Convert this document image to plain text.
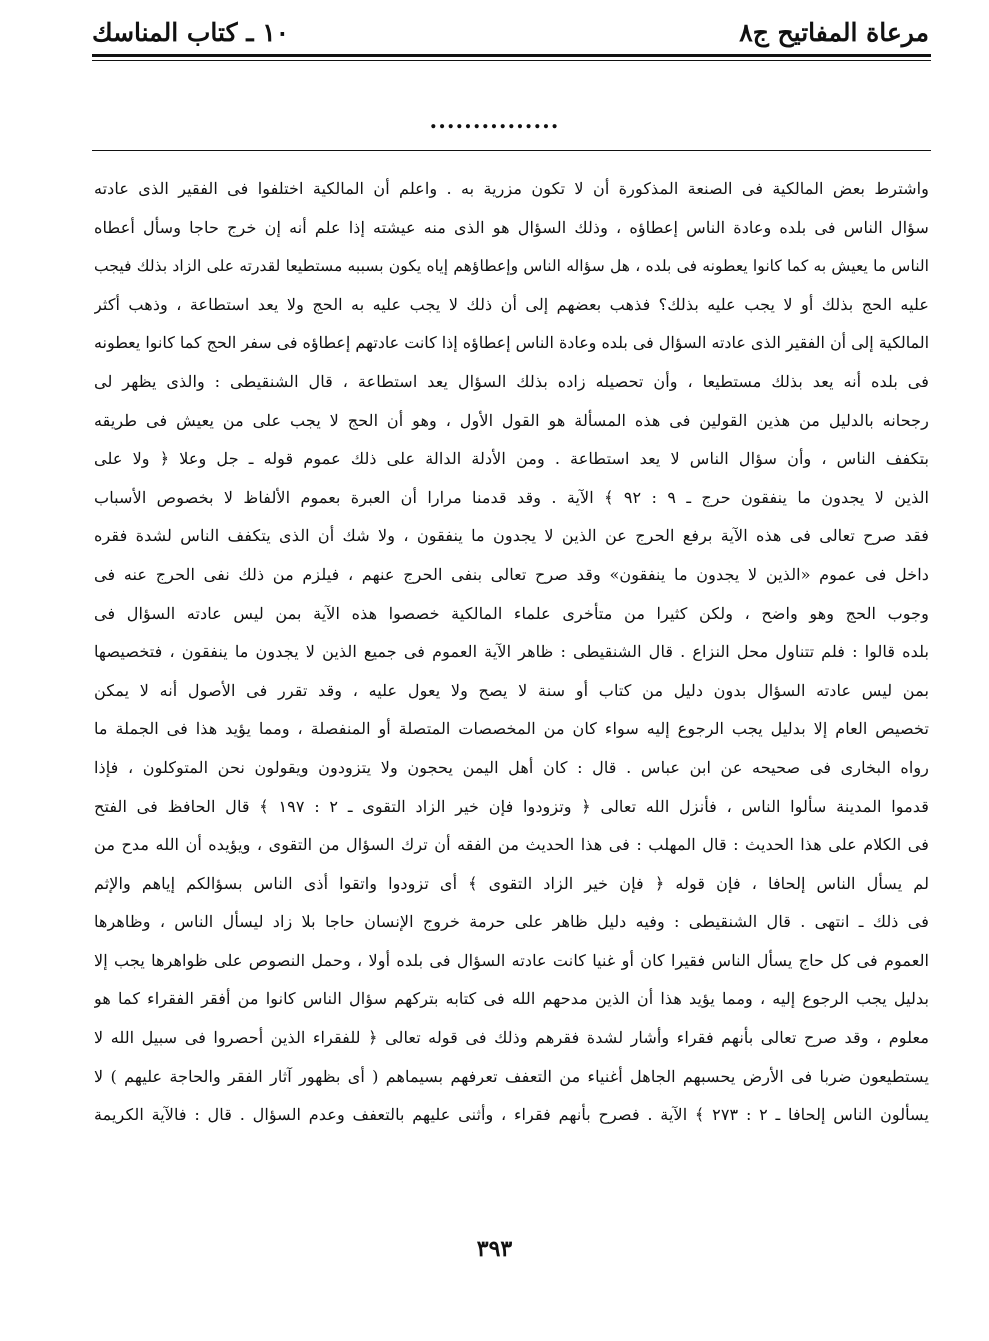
مرعاة المفاتيح ج٨
١٠ ـ كتاب المناسك
...............
واشترط بعض المالكية فى الصنعة المذكورة أن لا تكون مزرية به . واعلم أن المالكية اختلفوا فى الفقير الذى عادته
سؤال الناس فى بلده وعادة الناس إعطاؤه ، وذلك السؤال هو الذى منه عيشته إذا علم أنه إن خرج حاجا وسأل أعطاه
الناس ما يعيش به كما كانوا يعطونه فى بلده ، هل سؤاله الناس وإعطاؤهم إياه يكون بسببه مستطيعا لقدرته على الزاد بذلك فيجب
عليه الحج بذلك أو لا يجب عليه بذلك؟ فذهب بعضهم إلى أن ذلك لا يجب عليه به الحج ولا يعد استطاعة ، وذهب أكثر
المالكية إلى أن الفقير الذى عادته السؤال فى بلده وعادة الناس إعطاؤه إذا كانت عادتهم إعطاؤه فى سفر الحج كما كانوا يعطونه
فى بلده أنه يعد بذلك مستطيعا ، وأن تحصيله زاده بذلك السؤال يعد استطاعة ، قال الشنقيطى : والذى يظهر لى
رجحانه بالدليل من هذين القولين فى هذه المسألة هو القول الأول ، وهو أن الحج لا يجب على من يعيش فى طريقه
بتكفف الناس ، وأن سؤال الناس لا يعد استطاعة . ومن الأدلة الدالة على ذلك عموم قوله ـ جل وعلا ﴿ ولا على
الذين لا يجدون ما ينفقون حرج ـ ٩ : ٩٢ ﴾ الآية . وقد قدمنا مرارا أن العبرة بعموم الألفاظ لا بخصوص الأسباب
فقد صرح تعالى فى هذه الآية برفع الحرج عن الذين لا يجدون ما ينفقون ، ولا شك أن الذى يتكفف الناس لشدة فقره
داخل فى عموم «الذين لا يجدون ما ينفقون» وقد صرح تعالى بنفى الحرج عنهم ، فيلزم من ذلك نفى الحرج عنه فى
وجوب الحج وهو واضح ، ولكن كثيرا من متأخرى علماء المالكية خصصوا هذه الآية بمن ليس عادته السؤال فى
بلده قالوا : فلم تتناول محل النزاع . قال الشنقيطى : ظاهر الآية العموم فى جميع الذين لا يجدون ما ينفقون ، فتخصيصها
بمن ليس عادته السؤال بدون دليل من كتاب أو سنة لا يصح ولا يعول عليه ، وقد تقرر فى الأصول أنه لا يمكن
تخصيص العام إلا بدليل يجب الرجوع إليه سواء كان من المخصصات المتصلة أو المنفصلة ، ومما يؤيد هذا فى الجملة ما
رواه البخارى فى صحيحه عن ابن عباس . قال : كان أهل اليمن يحجون ولا يتزودون ويقولون نحن المتوكلون ، فإذا
قدموا المدينة سألوا الناس ، فأنزل الله تعالى ﴿ وتزودوا فإن خير الزاد التقوى ـ ٢ : ١٩٧ ﴾ قال الحافظ فى الفتح
فى الكلام على هذا الحديث : قال المهلب : فى هذا الحديث من الفقه أن ترك السؤال من التقوى ، ويؤيده أن الله مدح من
لم يسأل الناس إلحافا ، فإن قوله ﴿ فإن خير الزاد التقوى ﴾ أى تزودوا واتقوا أذى الناس بسؤالكم إياهم والإثم
فى ذلك ـ انتهى . قال الشنقيطى : وفيه دليل ظاهر على حرمة خروج الإنسان حاجا بلا زاد ليسأل الناس ، وظاهرها
العموم فى كل حاج يسأل الناس فقيرا كان أو غنيا كانت عادته السؤال فى بلده أولا ، وحمل النصوص على ظواهرها يجب إلا
بدليل يجب الرجوع إليه ، ومما يؤيد هذا أن الذين مدحهم الله فى كتابه بتركهم سؤال الناس كانوا من أفقر الفقراء كما هو
معلوم ، وقد صرح تعالى بأنهم فقراء وأشار لشدة فقرهم وذلك فى قوله تعالى ﴿ للفقراء الذين أحصروا فى سبيل الله لا
يستطيعون ضربا فى الأرض يحسبهم الجاهل أغنياء من التعفف تعرفهم بسيماهم ( أى بظهور آثار الفقر والحاجة عليهم ) لا
يسألون الناس إلحافا ـ ٢ : ٢٧٣ ﴾ الآية . فصرح بأنهم فقراء ، وأثنى عليهم بالتعفف وعدم السؤال . قال : فالآية الكريمة
٣٩٣
